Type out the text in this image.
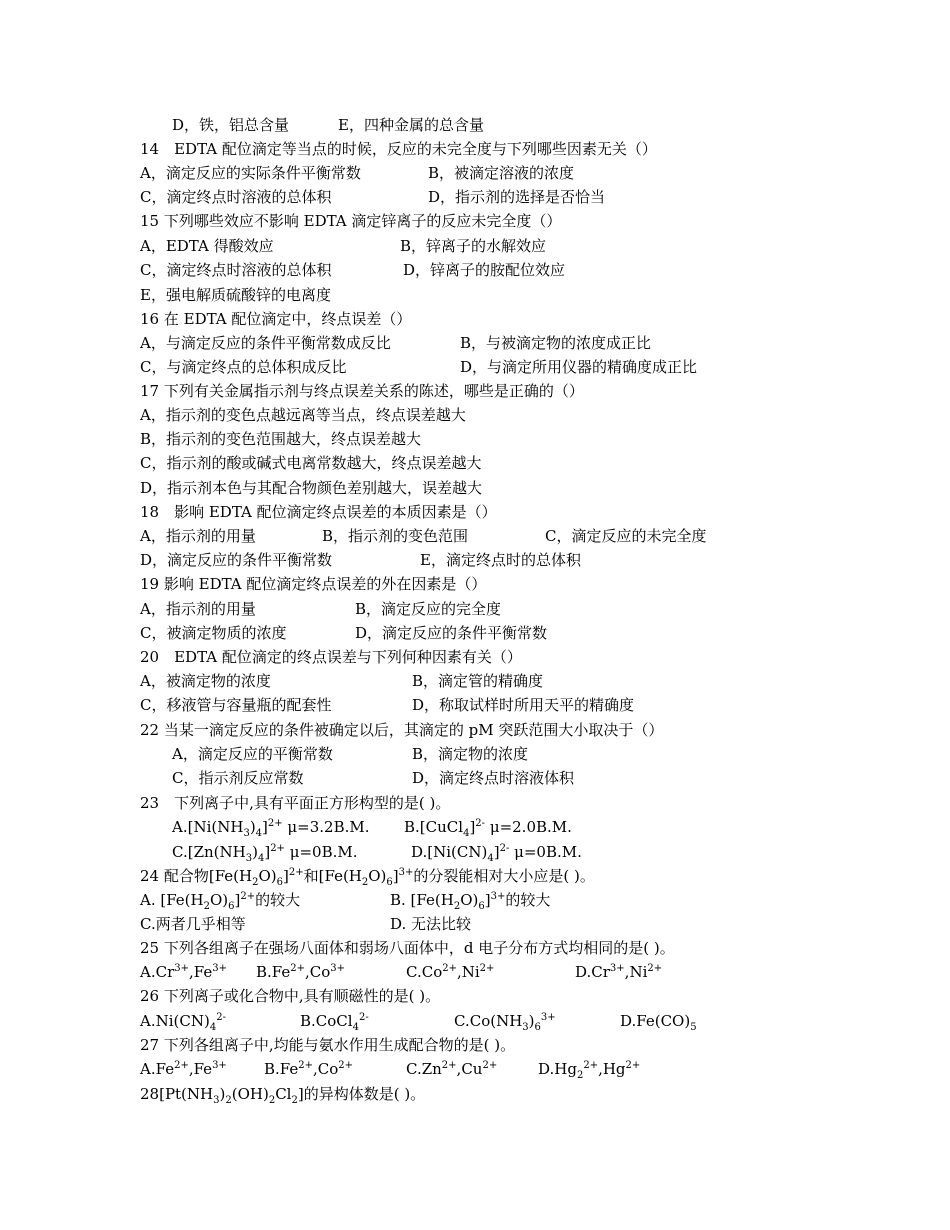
D，铁，铝总含量	E，四种金属的总含量
14　EDTA 配位滴定等当点的时候，反应的未完全度与下列哪些因素无关（）
A，滴定反应的实际条件平衡常数	B，被滴定溶液的浓度
C，滴定终点时溶液的总体积	D，指示剂的选择是否恰当
15 下列哪些效应不影响 EDTA 滴定锌离子的反应未完全度（）
A，EDTA 得酸效应	B，锌离子的水解效应
C，滴定终点时溶液的总体积	D，锌离子的胺配位效应
E，强电解质硫酸锌的电离度
16 在 EDTA 配位滴定中，终点误差（）
A，与滴定反应的条件平衡常数成反比	B，与被滴定物的浓度成正比
C，与滴定终点的总体积成反比	D，与滴定所用仪器的精确度成正比
17 下列有关金属指示剂与终点误差关系的陈述，哪些是正确的（）
A，指示剂的变色点越远离等当点，终点误差越大
B，指示剂的变色范围越大，终点误差越大
C，指示剂的酸或碱式电离常数越大，终点误差越大
D，指示剂本色与其配合物颜色差别越大，误差越大
18　影响 EDTA 配位滴定终点误差的本质因素是（）
A，指示剂的用量	B，指示剂的变色范围	C，滴定反应的未完全度
D，滴定反应的条件平衡常数	E，滴定终点时的总体积
19 影响 EDTA 配位滴定终点误差的外在因素是（）
A，指示剂的用量	B，滴定反应的完全度
C，被滴定物质的浓度	D，滴定反应的条件平衡常数
20　EDTA 配位滴定的终点误差与下列何种因素有关（）
A，被滴定物的浓度	B，滴定管的精确度
C，移液管与容量瓶的配套性	D，称取试样时所用天平的精确度
22 当某一滴定反应的条件被确定以后，其滴定的 pM 突跃范围大小取决于（）
A，滴定反应的平衡常数	B，滴定物的浓度
C，指示剂反应常数	D，滴定终点时溶液体积
23　下列离子中,具有平面正方形构型的是( )。
$A.[Ni(NH_3)_4]^{2+}$ μ=3.2B.M. B.[CuCl$_4$]$^{2-}$ μ=2.0B.M.
$C.[Zn(NH_3)_4]^{2+}$ μ=0B.M.	$D.[Ni(CN)_4]^{2-}$ μ=0B.M.
24 配合物$[Fe(H_2O)_6]^{2+}$和$[Fe(H_2O)_6]^{3+}$的分裂能相对大小应是( )。
A. $[Fe(H_2O)_6]^{2+}$的较大	B. $[Fe(H_2O)_6]^{3+}$的较大
C.两者几乎相等	D. 无法比较
25 下列各组离子在强场八面体和弱场八面体中，d 电子分布方式均相同的是( )。
$A.Cr^{3+},Fe^{3+}$ $B.Fe^{2+},Co^{3+}$	$C.Co^{2+},Ni^{2+}$	$D.Cr^{3+},Ni^{2+}$
26 下列离子或化合物中,具有顺磁性的是( )。
$A.Ni(CN)_4^{2-}$	B.CoCl$_4^{2-}$	$C.Co(NH_3)_6^{3+}$	$D.Fe(CO)_5$
27 下列各组离子中,均能与氨水作用生成配合物的是( )。
$A.Fe^{2+},Fe^{3+}$ $B.Fe^{2+},Co^{2+}$	$C.Zn^{2+},Cu^{2+}$	$D.Hg_2^{2+},Hg^{2+}$
$28[Pt(NH_3)_2(OH)_2Cl_2]$的异构体数是( )。
